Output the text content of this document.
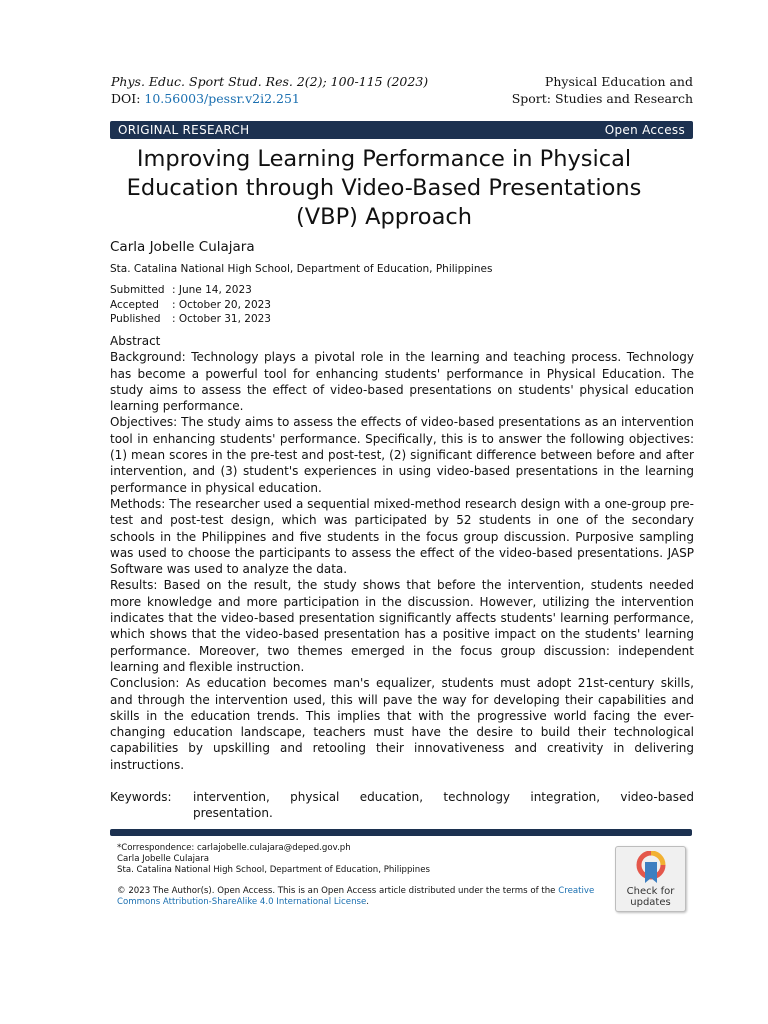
Phys. Educ. Sport Stud. Res. 2(2); 100-115 (2023)
DOI: 10.56003/pessr.v2i2.251
Physical Education and
Sport: Studies and Research
ORIGINAL RESEARCH	Open Access
Improving Learning Performance in Physical Education through Video-Based Presentations (VBP) Approach
Carla Jobelle Culajara
Sta. Catalina National High School, Department of Education, Philippines
Submitted : June 14, 2023
Accepted	: October 20, 2023
Published	: October 31, 2023

Abstract

Background: Technology plays a pivotal role in the learning and teaching process. Technology has become a powerful tool for enhancing students' performance in Physical Education. The study aims to assess the effect of video-based presentations on students' physical education learning performance.

Objectives: The study aims to assess the effects of video-based presentations as an intervention tool in enhancing students' performance. Specifically, this is to answer the following objectives: (1) mean scores in the pre-test and post-test, (2) significant difference between before and after intervention, and (3) student's experiences in using video-based presentations in the learning performance in physical education.

Methods: The researcher used a sequential mixed-method research design with a one-group pre-test and post-test design, which was participated by 52 students in one of the secondary schools in the Philippines and five students in the focus group discussion. Purposive sampling was used to choose the participants to assess the effect of the video-based presentations. JASP Software was used to analyze the data.

Results: Based on the result, the study shows that before the intervention, students needed more knowledge and more participation in the discussion. However, utilizing the intervention indicates that the video-based presentation significantly affects students' learning performance, which shows that the video-based presentation has a positive impact on the students' learning performance. Moreover, two themes emerged in the focus group discussion: independent learning and flexible instruction.

Conclusion: As education becomes man's equalizer, students must adopt 21st-century skills, and through the intervention used, this will pave the way for developing their capabilities and skills in the education trends. This implies that with the progressive world facing the ever-changing education landscape, teachers must have the desire to build their technological capabilities by upskilling and retooling their innovativeness and creativity in delivering instructions.

Keywords: intervention, physical education, technology integration, video-based presentation.
*Correspondence: carlajobelle.culajara@deped.gov.ph
Carla Jobelle Culajara
Sta. Catalina National High School, Department of Education, Philippines
© 2023 The Author(s). Open Access. This is an Open Access article distributed under the terms of the Creative Commons Attribution-ShareAlike 4.0 International License.
Check for
updates
